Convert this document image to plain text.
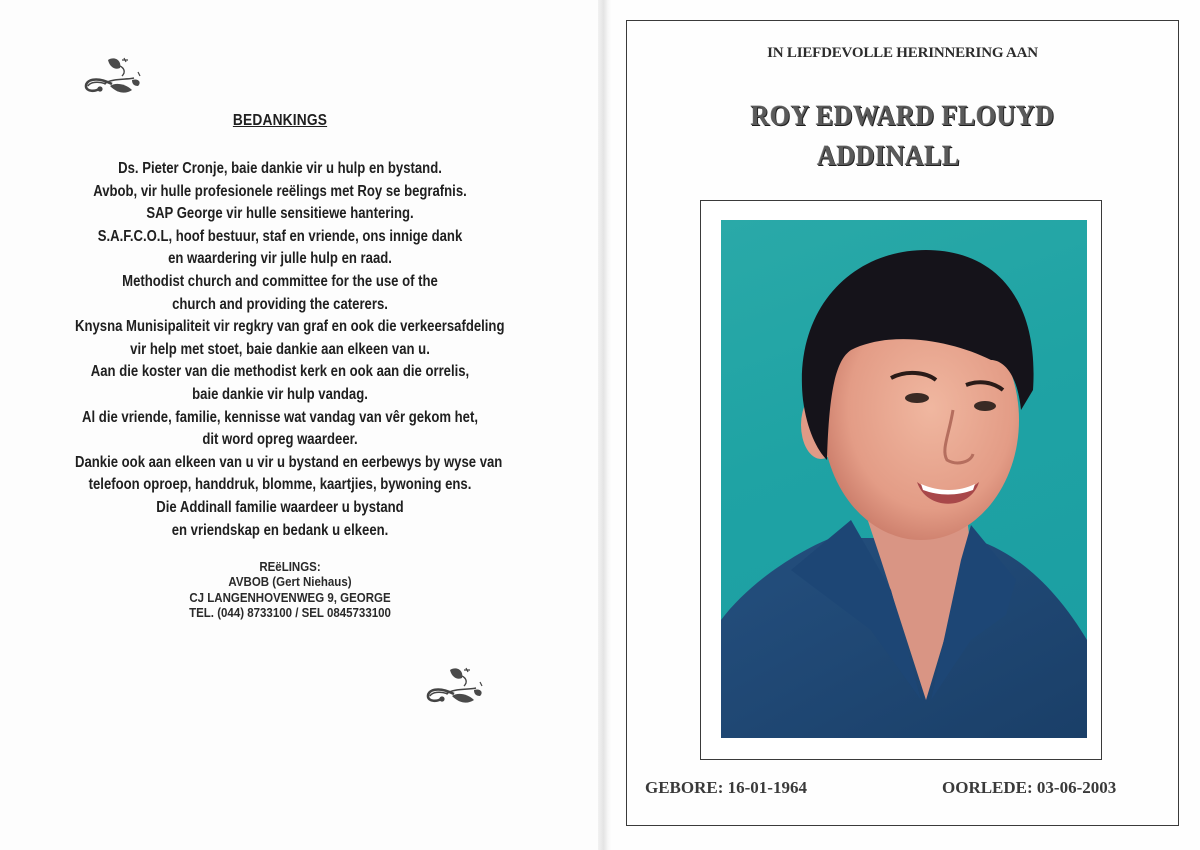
BEDANKINGS
Ds. Pieter Cronje, baie dankie vir u hulp en bystand.
Avbob, vir hulle profesionele reëlings met Roy se begrafnis.
SAP George vir hulle sensitiewe hantering.
S.A.F.C.O.L, hoof bestuur, staf en vriende, ons innige dank
en waardering vir julle hulp en raad.
Methodist church and committee for the use of the
church and providing the caterers.
Knysna Munisipaliteit vir regkry van graf en ook die verkeersafdeling
vir help met stoet, baie dankie aan elkeen van u.
Aan die koster van die methodist kerk en ook aan die orrelis,
baie dankie vir hulp vandag.
Al die vriende, familie, kennisse wat vandag van vêr gekom het,
dit word opreg waardeer.
Dankie ook aan elkeen van u vir u bystand en eerbewys by wyse van
telefoon oproep, handdruk, blomme, kaartjies, bywoning ens.
Die Addinall familie waardeer u bystand
en vriendskap en bedank u elkeen.
REëLINGS:
AVBOB (Gert Niehaus)
CJ LANGENHOVENWEG 9, GEORGE
TEL. (044) 8733100 / SEL 0845733100
IN LIEFDEVOLLE HERINNERING AAN
ROY EDWARD FLOUYD
ADDINALL
GEBORE: 16-01-1964	OORLEDE: 03-06-2003
